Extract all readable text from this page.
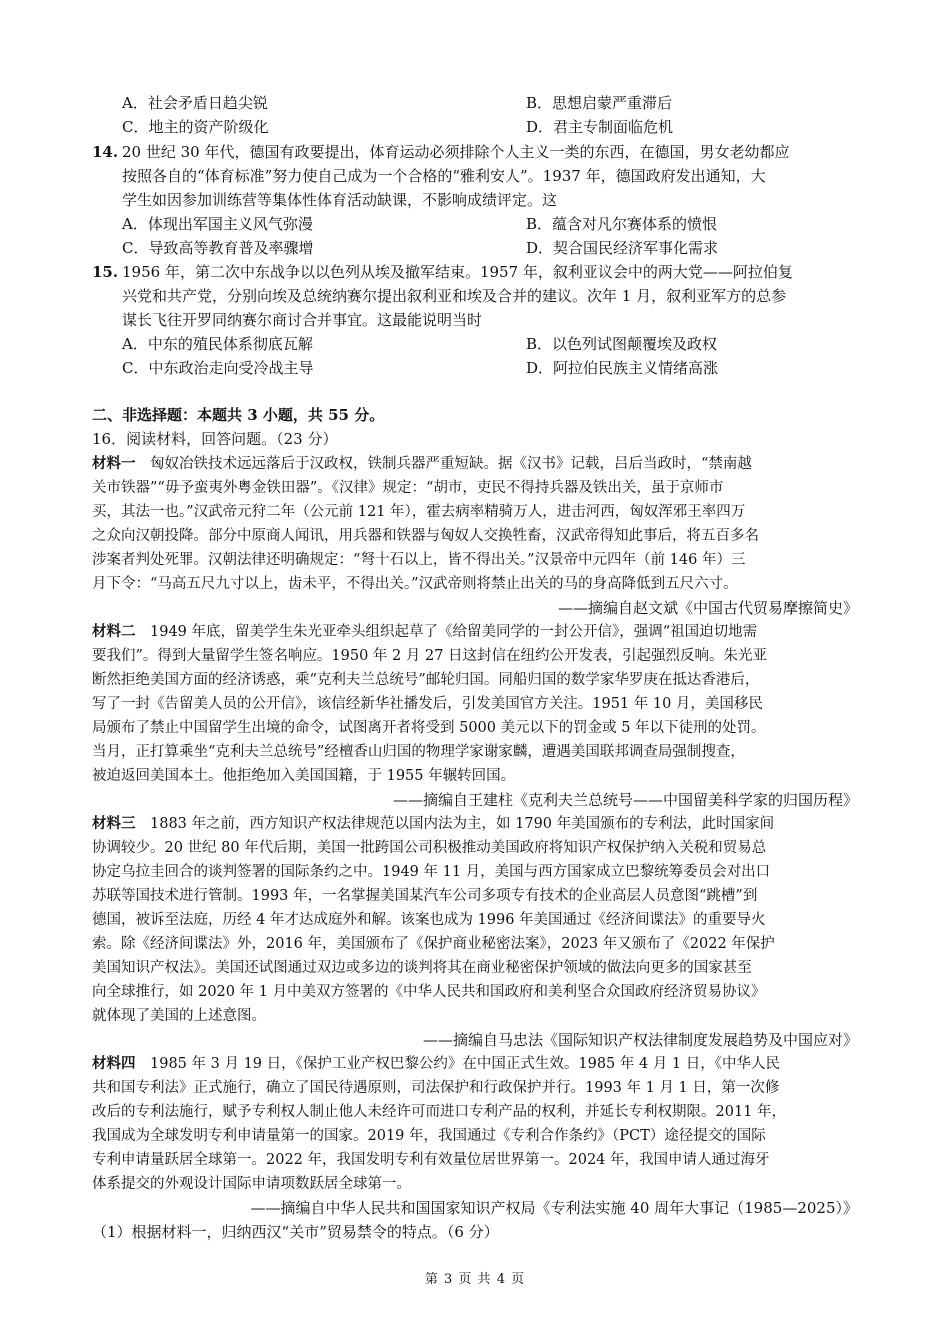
A．社会矛盾日趋尖锐	B．思想启蒙严重滞后
C．地主的资产阶级化	D．君主专制面临危机
14. 20 世纪 30 年代，德国有政要提出，体育运动必须排除个人主义一类的东西，在德国，男女老幼都应
按照各自的“体育标准”努力使自己成为一个合格的“雅利安人”。1937 年，德国政府发出通知，大
学生如因参加训练营等集体性体育活动缺课，不影响成绩评定。这
A．体现出军国主义风气弥漫	B．蕴含对凡尔赛体系的愤恨
C．导致高等教育普及率骤增	D．契合国民经济军事化需求
15. 1956 年，第二次中东战争以以色列从埃及撤军结束。1957 年，叙利亚议会中的两大党——阿拉伯复
兴党和共产党，分别向埃及总统纳赛尔提出叙利亚和埃及合并的建议。次年 1 月，叙利亚军方的总参
谋长飞往开罗同纳赛尔商讨合并事宜。这最能说明当时
A．中东的殖民体系彻底瓦解	B．以色列试图颠覆埃及政权
C．中东政治走向受冷战主导	D．阿拉伯民族主义情绪高涨
二、非选择题：本题共 3 小题，共 55 分。
16．阅读材料，回答问题。（23 分）
材料一　匈奴冶铁技术远远落后于汉政权，铁制兵器严重短缺。据《汉书》记载，吕后当政时，“禁南越
关市铁器”“毋予蛮夷外粤金铁田器”。《汉律》规定：“胡市，吏民不得持兵器及铁出关，虽于京师市
买，其法一也。”汉武帝元狩二年（公元前 121 年），霍去病率精骑万人，进击河西，匈奴浑邪王率四万
之众向汉朝投降。部分中原商人闻讯，用兵器和铁器与匈奴人交换牲畜，汉武帝得知此事后，将五百多名
涉案者判处死罪。汉朝法律还明确规定：“弩十石以上，皆不得出关。”汉景帝中元四年（前 146 年）三
月下令：“马高五尺九寸以上，齿未平，不得出关。”汉武帝则将禁止出关的马的身高降低到五尺六寸。
——摘编自赵文斌《中国古代贸易摩擦简史》
材料二　1949 年底，留美学生朱光亚牵头组织起草了《给留美同学的一封公开信》，强调“祖国迫切地需
要我们”。得到大量留学生签名响应。1950 年 2 月 27 日这封信在纽约公开发表，引起强烈反响。朱光亚
断然拒绝美国方面的经济诱惑，乘“克利夫兰总统号”邮轮归国。同船归国的数学家华罗庚在抵达香港后，
写了一封《告留美人员的公开信》，该信经新华社播发后，引发美国官方关注。1951 年 10 月，美国移民
局颁布了禁止中国留学生出境的命令，试图离开者将受到 5000 美元以下的罚金或 5 年以下徒刑的处罚。
当月，正打算乘坐“克利夫兰总统号”经檀香山归国的物理学家谢家麟，遭遇美国联邦调查局强制搜查，
被迫返回美国本土。他拒绝加入美国国籍，于 1955 年辗转回国。
——摘编自王建柱《克利夫兰总统号——中国留美科学家的归国历程》
材料三　1883 年之前，西方知识产权法律规范以国内法为主，如 1790 年美国颁布的专利法，此时国家间
协调较少。20 世纪 80 年代后期，美国一批跨国公司积极推动美国政府将知识产权保护纳入关税和贸易总
协定乌拉圭回合的谈判签署的国际条约之中。1949 年 11 月，美国与西方国家成立巴黎统筹委员会对出口
苏联等国技术进行管制。1993 年，一名掌握美国某汽车公司多项专有技术的企业高层人员意图“跳槽”到
德国，被诉至法庭，历经 4 年才达成庭外和解。该案也成为 1996 年美国通过《经济间谍法》的重要导火
索。除《经济间谍法》外，2016 年，美国颁布了《保护商业秘密法案》，2023 年又颁布了《2022 年保护
美国知识产权法》。美国还试图通过双边或多边的谈判将其在商业秘密保护领域的做法向更多的国家甚至
向全球推行，如 2020 年 1 月中美双方签署的《中华人民共和国政府和美利坚合众国政府经济贸易协议》
就体现了美国的上述意图。
——摘编自马忠法《国际知识产权法律制度发展趋势及中国应对》
材料四　1985 年 3 月 19 日，《保护工业产权巴黎公约》在中国正式生效。1985 年 4 月 1 日，《中华人民
共和国专利法》正式施行，确立了国民待遇原则，司法保护和行政保护并行。1993 年 1 月 1 日，第一次修
改后的专利法施行，赋予专利权人制止他人未经许可而进口专利产品的权利，并延长专利权期限。2011 年，
我国成为全球发明专利申请量第一的国家。2019 年，我国通过《专利合作条约》（PCT）途径提交的国际
专利申请量跃居全球第一。2022 年，我国发明专利有效量位居世界第一。2024 年，我国申请人通过海牙
体系提交的外观设计国际申请项数跃居全球第一。
——摘编自中华人民共和国国家知识产权局《专利法实施 40 周年大事记（1985—2025）》
（1）根据材料一，归纳西汉“关市”贸易禁令的特点。（6 分）
第 3 页 共 4 页
